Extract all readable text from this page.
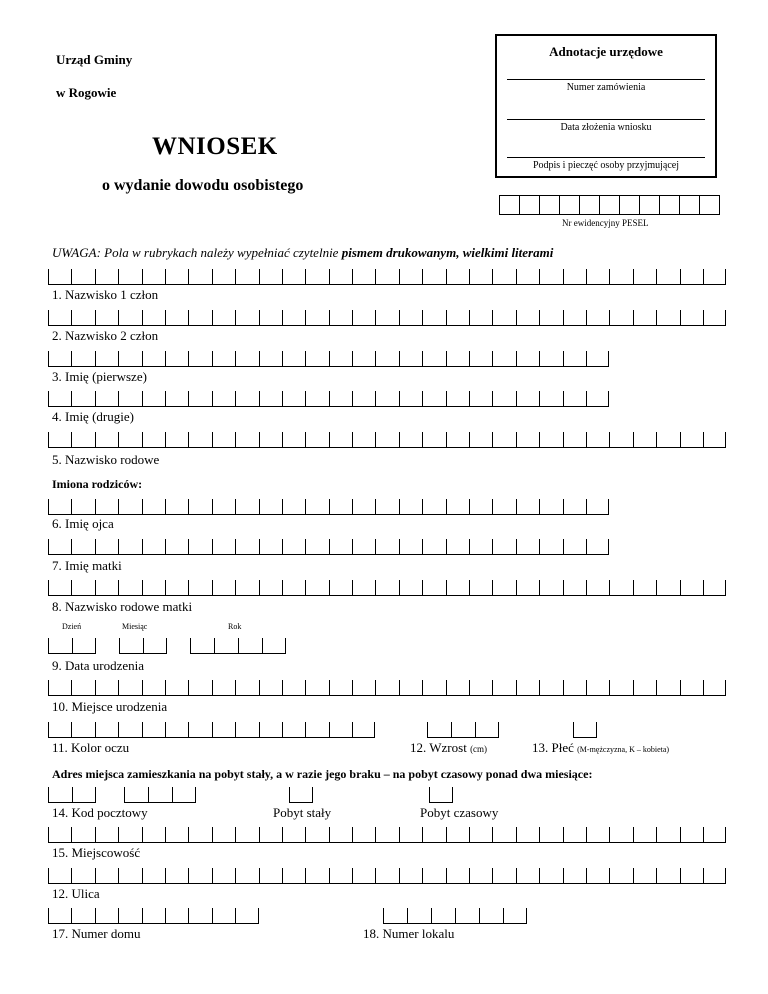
Urząd Gminy
w Rogowie
WNIOSEK
o wydanie dowodu osobistego
Adnotacje urzędowe
Numer zamówienia
Data złożenia wniosku
Podpis i pieczęć osoby przyjmującej
Nr ewidencyjny PESEL
UWAGA: Pola w rubrykach należy wypełniać czytelnie pismem drukowanym, wielkimi literami
1. Nazwisko 1 człon
2. Nazwisko 2 człon
3. Imię (pierwsze)
4. Imię (drugie)
5. Nazwisko rodowe
Imiona rodziców:
6. Imię ojca
7. Imię matki
8. Nazwisko rodowe matki
Dzień	Miesiąc	Rok
9. Data urodzenia
10. Miejsce urodzenia
11. Kolor oczu	12. Wzrost (cm)	13. Płeć (M-mężczyzna, K – kobieta)
Adres miejsca zamieszkania na pobyt stały, a w razie jego braku – na pobyt czasowy ponad dwa miesiące:
14. Kod pocztowy	Pobyt stały	Pobyt czasowy
15. Miejscowość
12. Ulica
17. Numer domu	18. Numer lokalu
